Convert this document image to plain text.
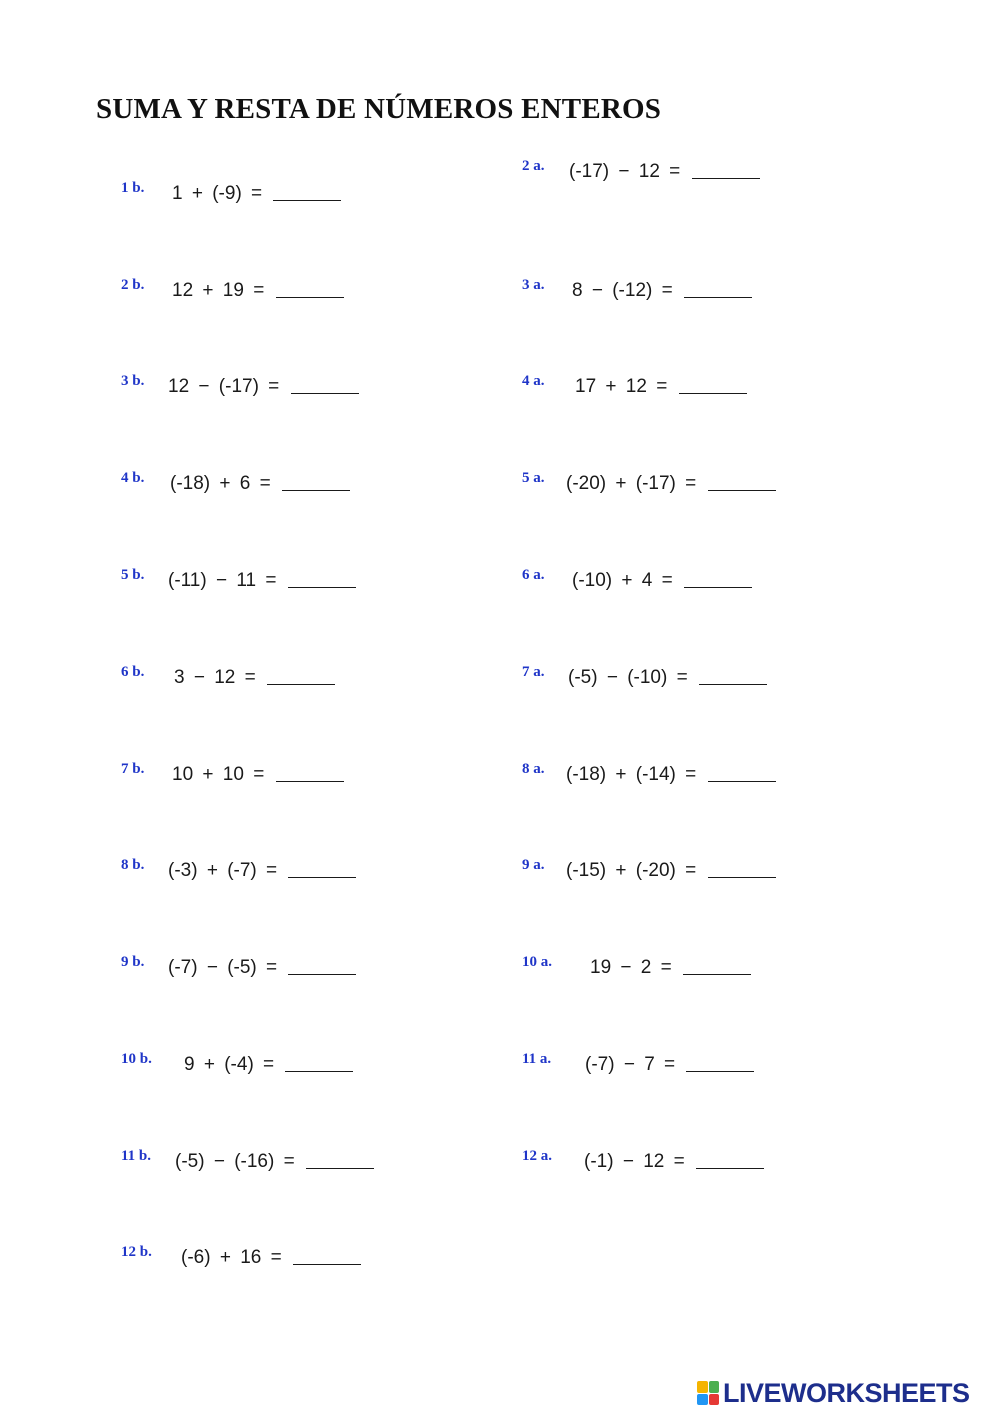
SUMA Y RESTA DE NÚMEROS ENTEROS
1 b. 1 + (-9) =
2 b. 12 + 19 =
3 b. 12 − (-17) =
4 b. (-18) + 6 =
5 b. (-11) − 11 =
6 b. 3 − 12 =
7 b. 10 + 10 =
8 b. (-3) + (-7) =
9 b. (-7) − (-5) =
10 b. 9 + (-4) =
11 b. (-5) − (-16) =
12 b. (-6) + 16 =
2 a. (-17) − 12 =
3 a. 8 − (-12) =
4 a. 17 + 12 =
5 a. (-20) + (-17) =
6 a. (-10) + 4 =
7 a. (-5) − (-10) =
8 a. (-18) + (-14) =
9 a. (-15) + (-20) =
10 a. 19 − 2 =
11 a. (-7) − 7 =
12 a. (-1) − 12 =
LIVEWORKSHEETS
